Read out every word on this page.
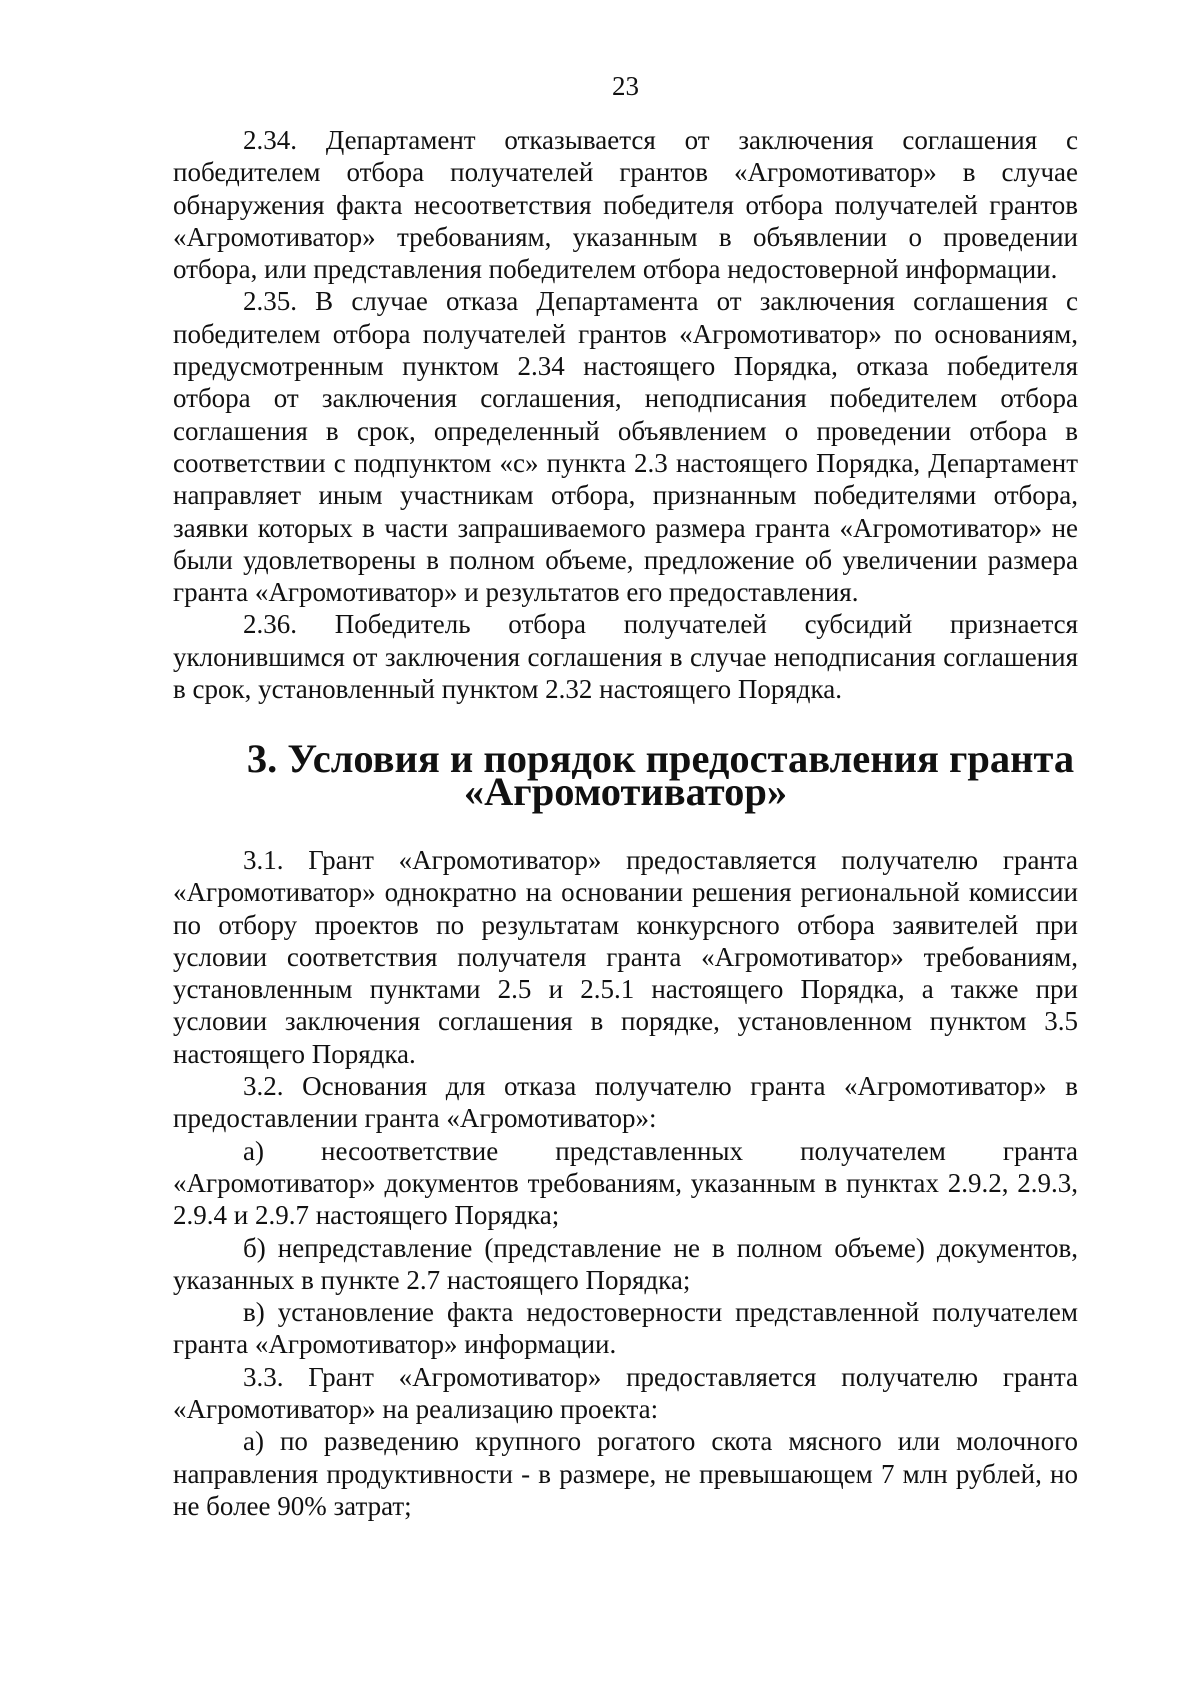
23

2.34. Департамент отказывается от заключения соглашения с победителем отбора получателей грантов «Агромотиватор» в случае обнаружения факта несоответствия победителя отбора получателей грантов «Агромотиватор» требованиям, указанным в объявлении о проведении отбора, или представления победителем отбора недостоверной информации.

2.35. В случае отказа Департамента от заключения соглашения с победителем отбора получателей грантов «Агромотиватор» по основаниям, предусмотренным пунктом 2.34 настоящего Порядка, отказа победителя отбора от заключения соглашения, неподписания победителем отбора соглашения в срок, определенный объявлением о проведении отбора в соответствии с подпунктом «с» пункта 2.3 настоящего Порядка, Департамент направляет иным участникам отбора, признанным победителями отбора, заявки которых в части запрашиваемого размера гранта «Агромотиватор» не были удовлетворены в полном объеме, предложение об увеличении размера гранта «Агромотиватор» и результатов его предоставления.

2.36. Победитель отбора получателей субсидий признается уклонившимся от заключения соглашения в случае неподписания соглашения в срок, установленный пунктом 2.32 настоящего Порядка.

3. Условия и порядок предоставления гранта «Агромотиватор»

3.1. Грант «Агромотиватор» предоставляется получателю гранта «Агромотиватор» однократно на основании решения региональной комиссии по отбору проектов по результатам конкурсного отбора заявителей при условии соответствия получателя гранта «Агромотиватор» требованиям, установленным пунктами 2.5 и 2.5.1 настоящего Порядка, а также при условии заключения соглашения в порядке, установленном пунктом 3.5 настоящего Порядка.

3.2. Основания для отказа получателю гранта «Агромотиватор» в предоставлении гранта «Агромотиватор»:

а) несоответствие представленных получателем гранта «Агромотиватор» документов требованиям, указанным в пунктах 2.9.2, 2.9.3, 2.9.4 и 2.9.7 настоящего Порядка;

б) непредставление (представление не в полном объеме) документов, указанных в пункте 2.7 настоящего Порядка;

в) установление факта недостоверности представленной получателем гранта «Агромотиватор» информации.

3.3. Грант «Агромотиватор» предоставляется получателю гранта «Агромотиватор» на реализацию проекта:

а) по разведению крупного рогатого скота мясного или молочного направления продуктивности - в размере, не превышающем 7 млн рублей, но не более 90% затрат;
